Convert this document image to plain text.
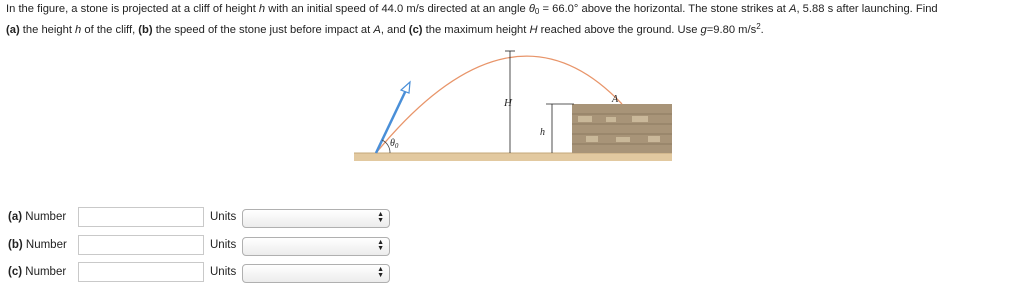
In the figure, a stone is projected at a cliff of height h with an initial speed of 44.0 m/s directed at an angle $\theta_0 = 66.0^\circ$ above the horizontal. The stone strikes at A, 5.88 s after launching. Find
(a) the height h of the cliff, (b) the speed of the stone just before impact at A, and (c) the maximum height H reached above the ground. Use g=9.80 $m/s^2$.
$\theta_0$
H
h
A
(a) Number	Units	▲
▼
(b) Number	Units	▲
▼
(c) Number	Units	▲
▼
